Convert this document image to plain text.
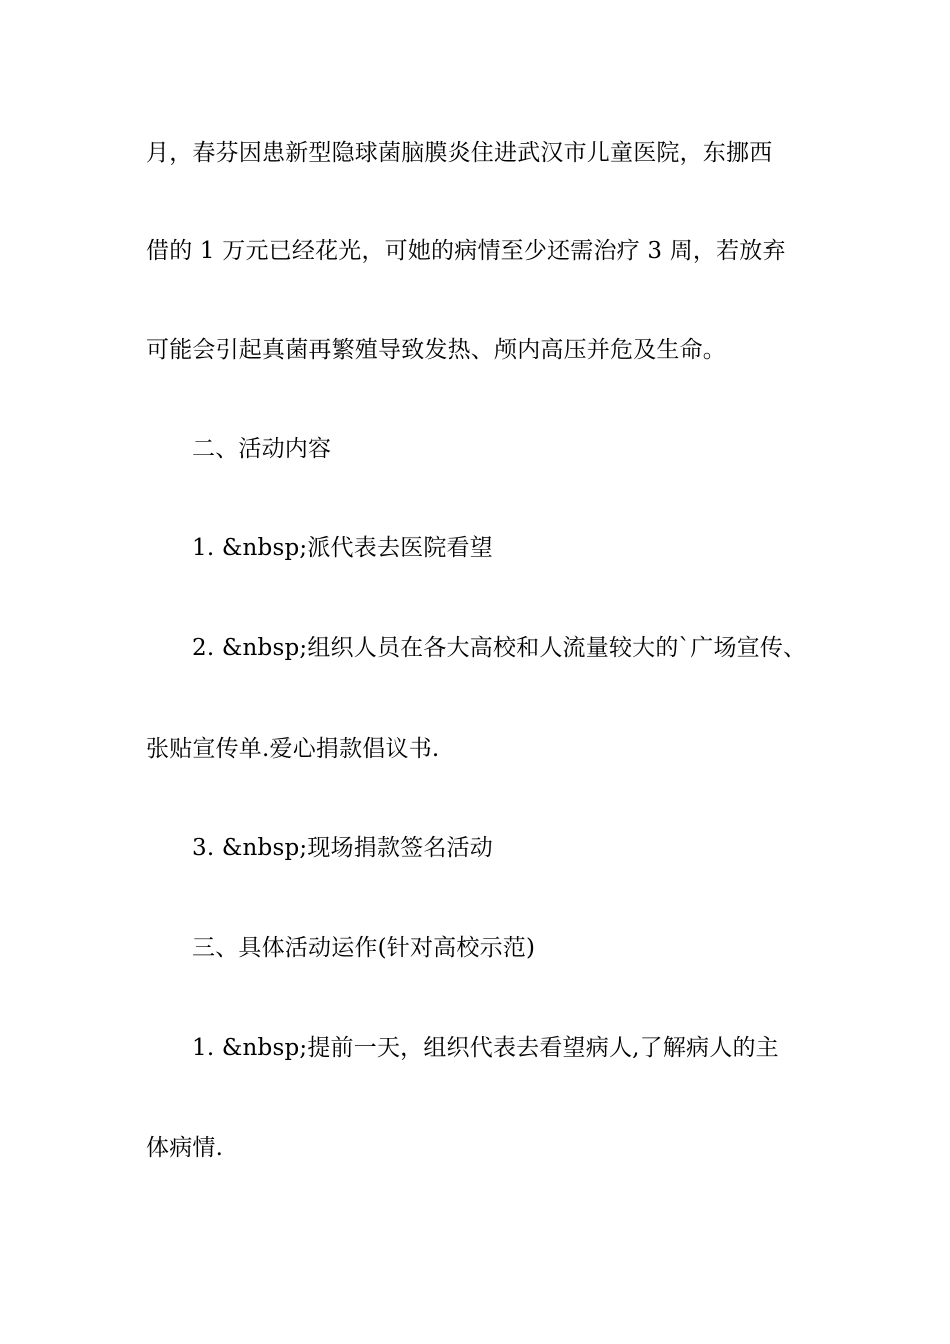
月，春芬因患新型隐球菌脑膜炎住进武汉市儿童医院，东挪西
借的 1 万元已经花光，可她的病情至少还需治疗 3 周，若放弃
可能会引起真菌再繁殖导致发热、颅内高压并危及生命。
二、活动内容
1. &nbsp;派代表去医院看望
2. &nbsp;组织人员在各大高校和人流量较大的`广场宣传、
张贴宣传单.爱心捐款倡议书.
3. &nbsp;现场捐款签名活动
三、具体活动运作(针对高校示范)
1. &nbsp;提前一天，组织代表去看望病人,了解病人的主
体病情.
